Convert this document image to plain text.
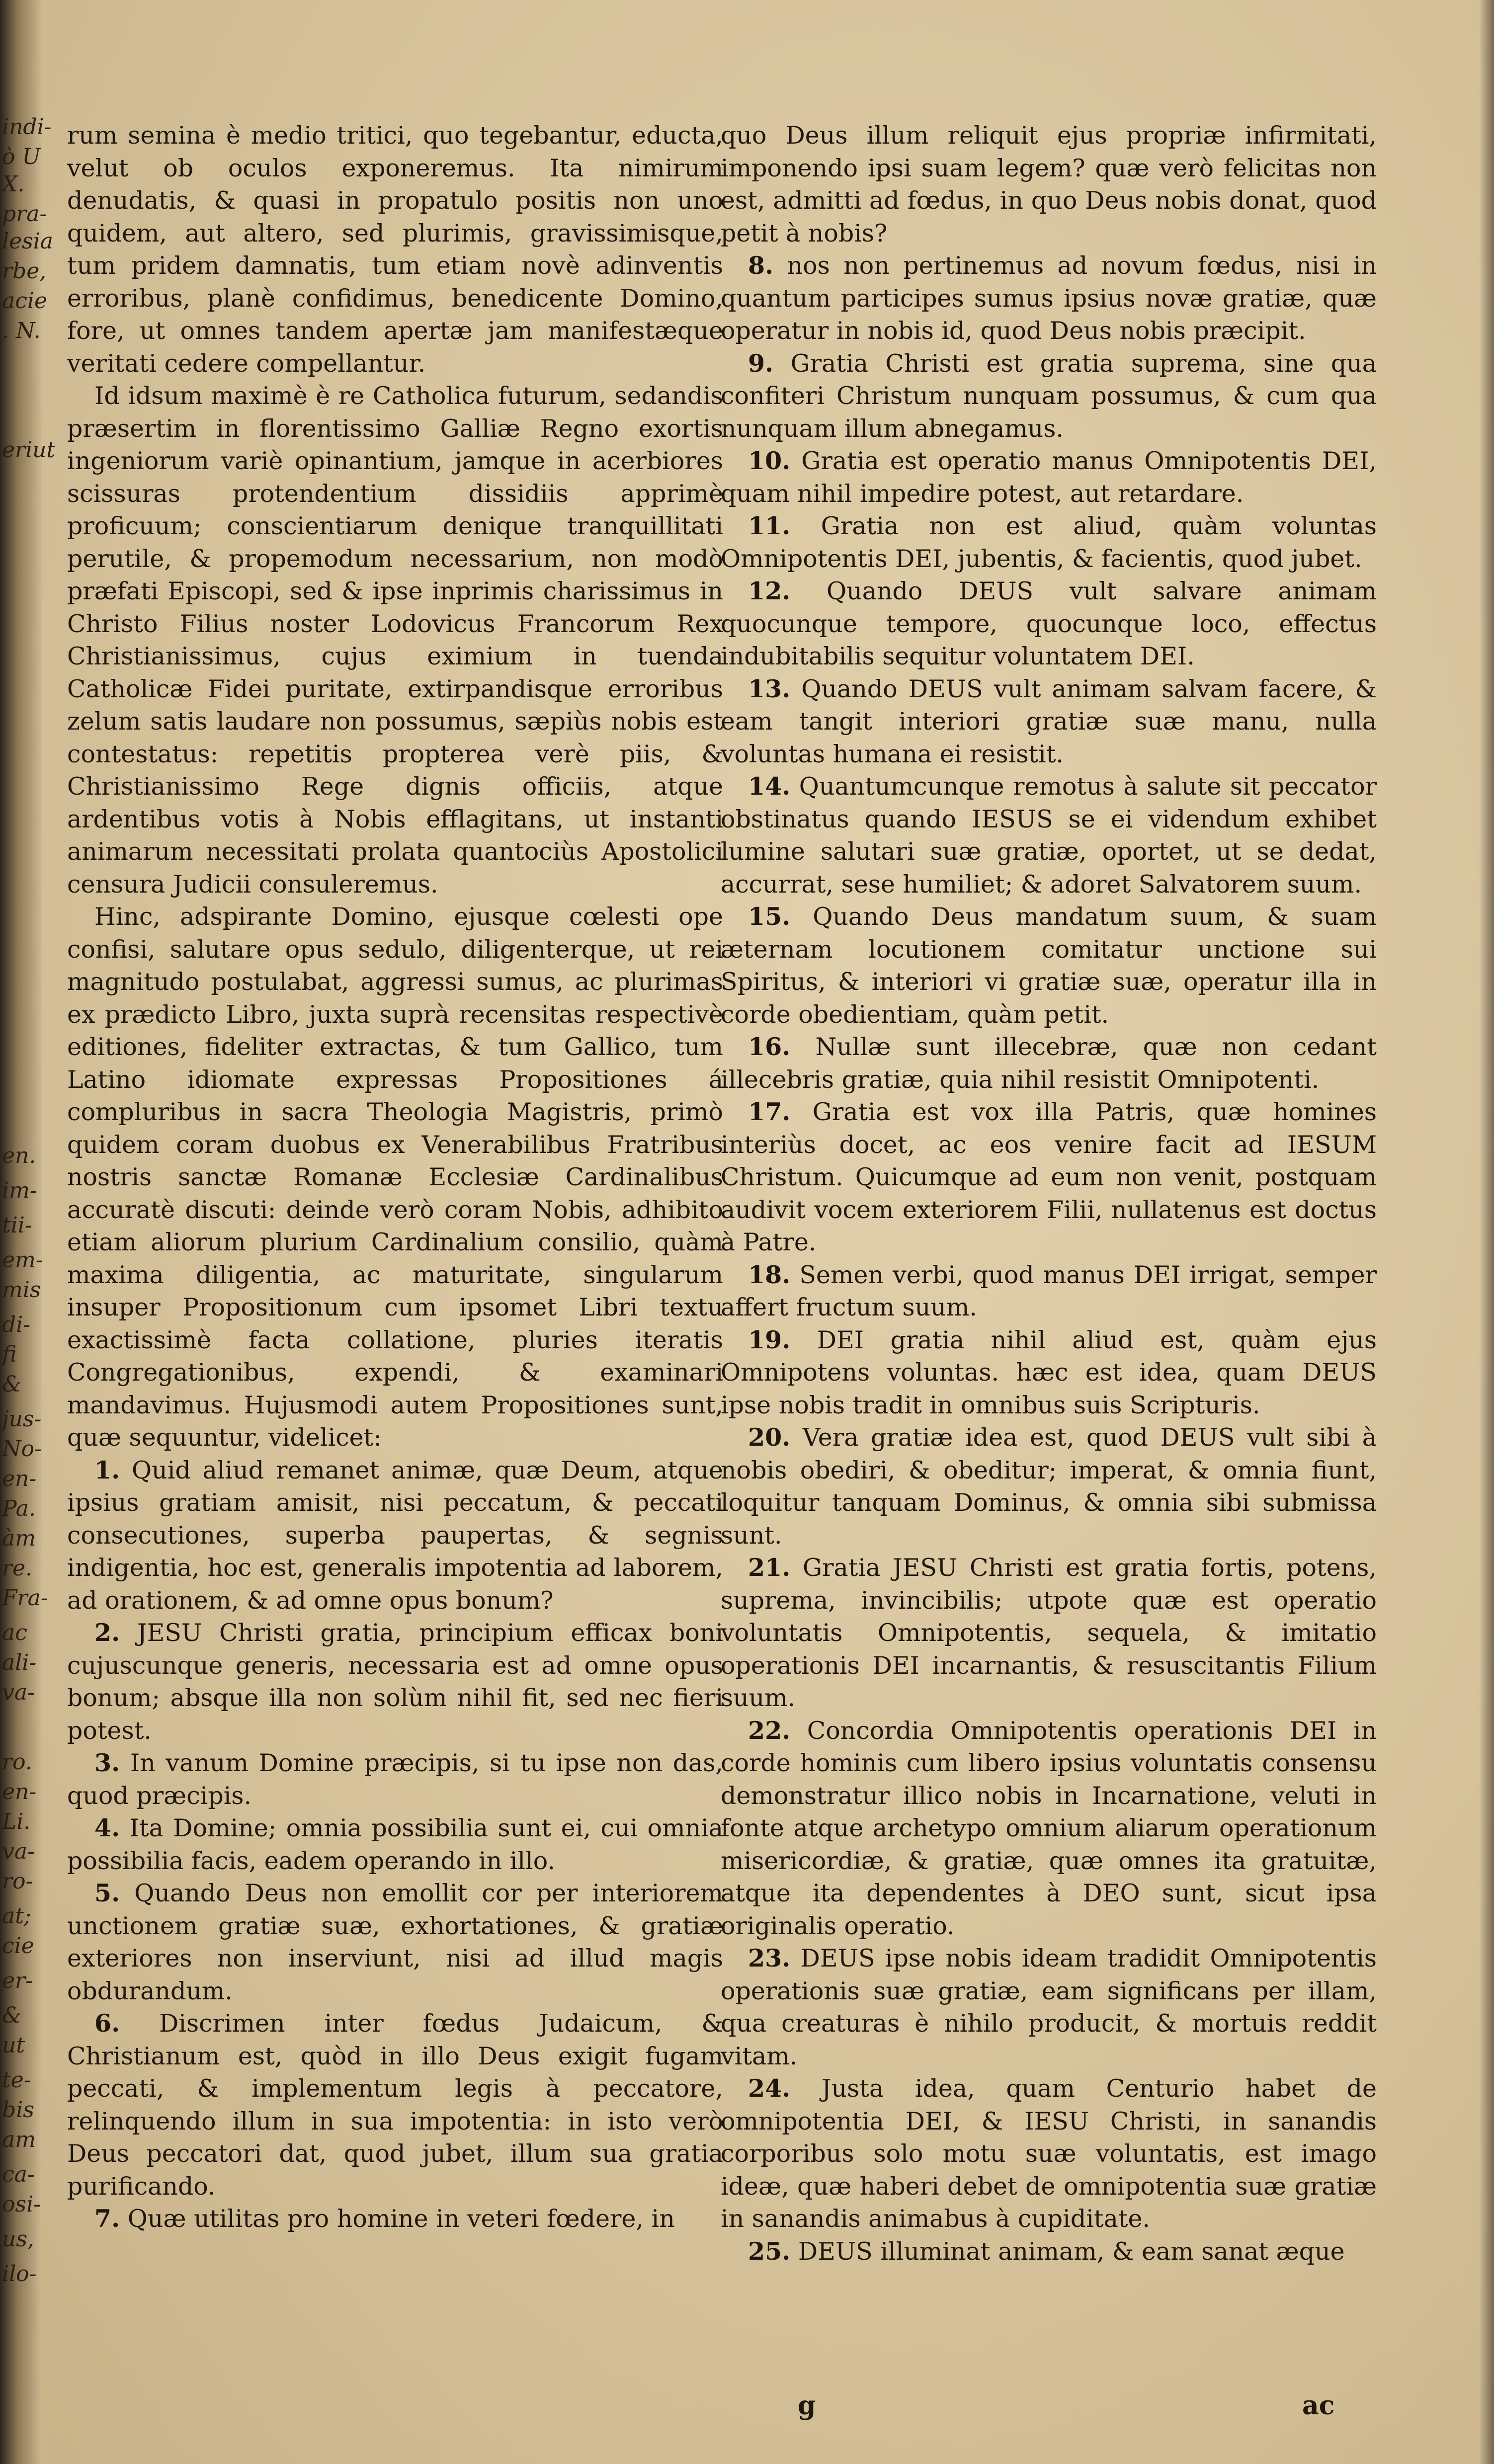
indi-
ò U
X.
pra-
lesia
rbe,
acie
. N.
eriut
en.
im-
tii-
em-
mis
di-
fi
&
jus-
No-
en-
Pa.
àm
re.
Fra-
ac
ali-
va-
ro.
en-
Li.
va-
ro-
at;
cie
er-
&
ut
te-
bis
am
ca-
osi-
us,
ilo-

rum semina è medio tritici, quo tegebantur, educta, velut ob oculos exponeremus. Ita nimirum denudatis, & quasi in propatulo positis non uno quidem, aut altero, sed plurimis, gravissimisque, tum pridem damnatis, tum etiam novè adinventis erroribus, planè confidimus, benedicente Domino, fore, ut omnes tandem apertæ jam manifestæque veritati cedere compellantur.

Id idsum maximè è re Catholica futurum, sedandis præsertim in florentissimo Galliæ Regno exortis ingeniorum variè opinantium, jamque in acerbiores scissuras protendentium dissidiis apprimè proficuum; conscientiarum denique tranquillitati perutile, & propemodum necessarium, non modò præfati Episcopi, sed & ipse inprimis charissimus in Christo Filius noster Lodovicus Francorum Rex Christianissimus, cujus eximium in tuenda Catholicæ Fidei puritate, extirpandisque erroribus zelum satis laudare non possumus, sæpiùs nobis est contestatus: repetitis propterea verè piis, & Christianissimo Rege dignis officiis, atque ardentibus votis à Nobis efflagitans, ut instanti animarum necessitati prolata quantociùs Apostolici censura Judicii consuleremus.

Hinc, adspirante Domino, ejusque cœlesti ope confisi, salutare opus sedulo, diligenterque, ut rei magnitudo postulabat, aggressi sumus, ac plurimas ex prædicto Libro, juxta suprà recensitas respectivè editiones, fideliter extractas, & tum Gallico, tum Latino idiomate expressas Propositiones á compluribus in sacra Theologia Magistris, primò quidem coram duobus ex Venerabilibus Fratribus nostris sanctæ Romanæ Ecclesiæ Cardinalibus accuratè discuti: deinde verò coram Nobis, adhibito etiam aliorum plurium Cardinalium consilio, quàm maxima diligentia, ac maturitate, singularum insuper Propositionum cum ipsomet Libri textu exactissimè facta collatione, pluries iteratis Congregationibus, expendi, & examinari mandavimus. Hujusmodi autem Propositiones sunt, quæ sequuntur, videlicet:

1. Quid aliud remanet animæ, quæ Deum, atque ipsius gratiam amisit, nisi peccatum, & peccati consecutiones, superba paupertas, & segnis indigentia, hoc est, generalis impotentia ad laborem, ad orationem, & ad omne opus bonum?

2. JESU Christi gratia, principium efficax boni cujuscunque generis, necessaria est ad omne opus bonum; absque illa non solùm nihil fit, sed nec fieri potest.

3. In vanum Domine præcipis, si tu ipse non das, quod præcipis.

4. Ita Domine; omnia possibilia sunt ei, cui omnia possibilia facis, eadem operando in illo.

5. Quando Deus non emollit cor per interiorem unctionem gratiæ suæ, exhortationes, & gratiæ exteriores non inserviunt, nisi ad illud magis obdurandum.

6. Discrimen inter fœdus Judaicum, & Christianum est, quòd in illo Deus exigit fugam peccati, & implementum legis à peccatore, relinquendo illum in sua impotentia: in isto verò Deus peccatori dat, quod jubet, illum sua gratia purificando.

7. Quæ utilitas pro homine in veteri fœdere, in

quo Deus illum reliquit ejus propriæ infirmitati, imponendo ipsi suam legem? quæ verò felicitas non est, admitti ad fœdus, in quo Deus nobis donat, quod petit à nobis?

8. nos non pertinemus ad novum fœdus, nisi in quantum participes sumus ipsius novæ gratiæ, quæ operatur in nobis id, quod Deus nobis præcipit.

9. Gratia Christi est gratia suprema, sine qua confiteri Christum nunquam possumus, & cum qua nunquam illum abnegamus.

10. Gratia est operatio manus Omnipotentis DEI, quam nihil impedire potest, aut retardare.

11. Gratia non est aliud, quàm voluntas Omnipotentis DEI, jubentis, & facientis, quod jubet.

12. Quando DEUS vult salvare animam quocunque tempore, quocunque loco, effectus indubitabilis sequitur voluntatem DEI.

13. Quando DEUS vult animam salvam facere, & eam tangit interiori gratiæ suæ manu, nulla voluntas humana ei resistit.

14. Quantumcunque remotus à salute sit peccator obstinatus quando IESUS se ei videndum exhibet lumine salutari suæ gratiæ, oportet, ut se dedat, accurrat, sese humiliet; & adoret Salvatorem suum.

15. Quando Deus mandatum suum, & suam æternam locutionem comitatur unctione sui Spiritus, & interiori vi gratiæ suæ, operatur illa in corde obedientiam, quàm petit.

16. Nullæ sunt illecebræ, quæ non cedant illecebris gratiæ, quia nihil resistit Omnipotenti.

17. Gratia est vox illa Patris, quæ homines interiùs docet, ac eos venire facit ad IESUM Christum. Quicumque ad eum non venit, postquam audivit vocem exteriorem Filii, nullatenus est doctus à Patre.

18. Semen verbi, quod manus DEI irrigat, semper affert fructum suum.

19. DEI gratia nihil aliud est, quàm ejus Omnipotens voluntas. hæc est idea, quam DEUS ipse nobis tradit in omnibus suis Scripturis.

20. Vera gratiæ idea est, quod DEUS vult sibi à nobis obediri, & obeditur; imperat, & omnia fiunt, loquitur tanquam Dominus, & omnia sibi submissa sunt.

21. Gratia JESU Christi est gratia fortis, potens, suprema, invincibilis; utpote quæ est operatio voluntatis Omnipotentis, sequela, & imitatio operationis DEI incarnantis, & resuscitantis Filium suum.

22. Concordia Omnipotentis operationis DEI in corde hominis cum libero ipsius voluntatis consensu demonstratur illico nobis in Incarnatione, veluti in fonte atque archetypo omnium aliarum operationum misericordiæ, & gratiæ, quæ omnes ita gratuitæ, atque ita dependentes à DEO sunt, sicut ipsa originalis operatio.

23. DEUS ipse nobis ideam tradidit Omnipotentis operationis suæ gratiæ, eam significans per illam, qua creaturas è nihilo producit, & mortuis reddit vitam.

24. Justa idea, quam Centurio habet de omnipotentia DEI, & IESU Christi, in sanandis corporibus solo motu suæ voluntatis, est imago ideæ, quæ haberi debet de omnipotentia suæ gratiæ in sanandis animabus à cupiditate.

25. DEUS illuminat animam, & eam sanat æque

g	ac
